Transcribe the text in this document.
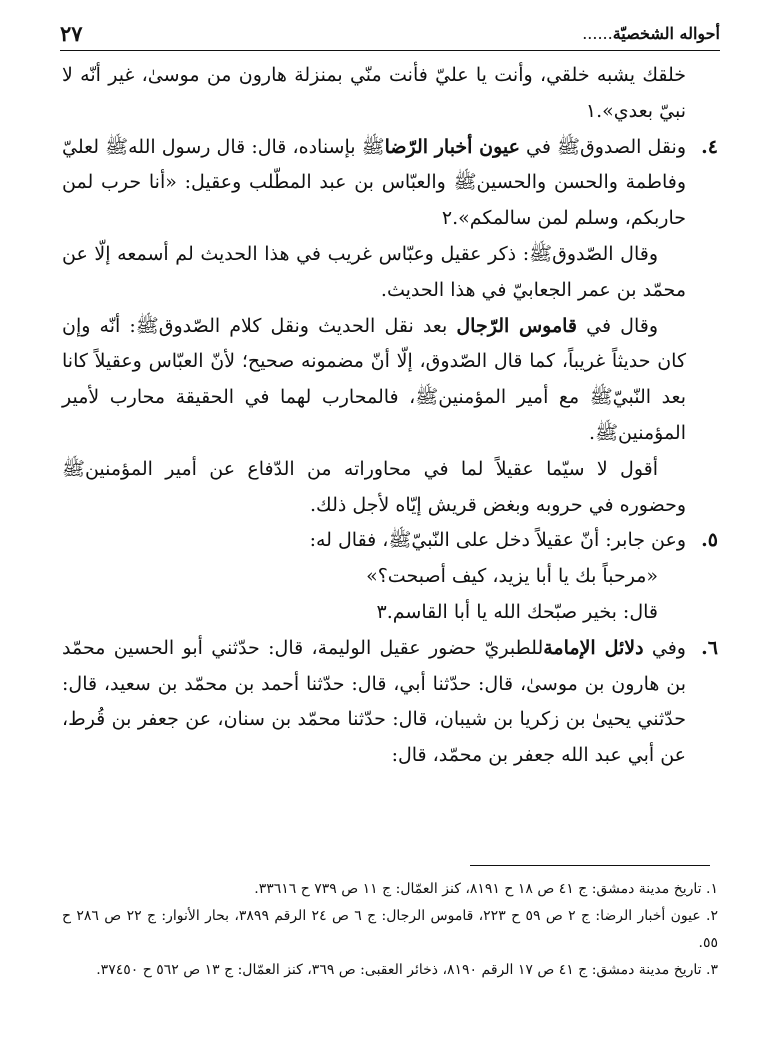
أحواله الشخصيّة......
٢٧

خلقك يشبه خلقي، وأنت يا عليّ فأنت منّي بمنزلة هارون من موسىٰ، غير أنّه لا نبيّ بعدي».١

٤.ونقل الصدوقﷺ في عيون أخبار الرّضاﷺ بإسناده، قال: قال رسول اللهﷺ لعليّ وفاطمة والحسن والحسينﷺ والعبّاس بن عبد المطّلب وعقيل: «أنا حرب لمن حاربكم، وسلم لمن سالمكم».٢

وقال الصّدوقﷺ: ذكر عقيل وعبّاس غريب في هذا الحديث لم أسمعه إلّا عن محمّد بن عمر الجعابيّ في هذا الحديث.

وقال في قاموس الرّجال بعد نقل الحديث ونقل كلام الصّدوقﷺ: أنّه وإن كان حديثاً غريباً، كما قال الصّدوق، إلّا أنّ مضمونه صحيح؛ لأنّ العبّاس وعقيلاً كانا بعد النّبيّﷺ مع أمير المؤمنينﷺ، فالمحارب لهما في الحقيقة محارب لأمير المؤمنينﷺ.

أقول لا سيّما عقيلاً لما في محاوراته من الدّفاع عن أمير المؤمنينﷺ وحضوره في حروبه وبغض قريش إيّاه لأجل ذلك.

٥.وعن جابر: أنّ عقيلاً دخل على النّبيّﷺ، فقال له:

«مرحباً بك يا أبا يزيد، كيف أصبحت؟»

قال: بخير صبّحك الله يا أبا القاسم.٣

٦.وفي دلائل الإمامةللطبريّ حضور عقيل الوليمة، قال: حدّثني أبو الحسين محمّد بن هارون بن موسىٰ، قال: حدّثنا أبي، قال: حدّثنا أحمد بن محمّد بن سعيد، قال: حدّثني يحيىٰ بن زكريا بن شيبان، قال: حدّثنا محمّد بن سنان، عن جعفر بن قُرط، عن أبي عبد الله جعفر بن محمّد، قال:

١. تاريخ مدينة دمشق: ج ٤١ ص ١٨ ح ٨١٩١، كنز العمّال: ج ١١ ص ٧٣٩ ح ٣٣٦١٦.

٢. عيون أخبار الرضا: ج ٢ ص ٥٩ ح ٢٢٣، قاموس الرجال: ج ٦ ص ٢٤ الرقم ٣٨٩٩، بحار الأنوار: ج ٢٢ ص ٢٨٦ ح ٥٥.

٣. تاريخ مدينة دمشق: ج ٤١ ص ١٧ الرقم ٨١٩٠، ذخائر العقبى: ص ٣٦٩، كنز العمّال: ج ١٣ ص ٥٦٢ ح ٣٧٤٥٠.
